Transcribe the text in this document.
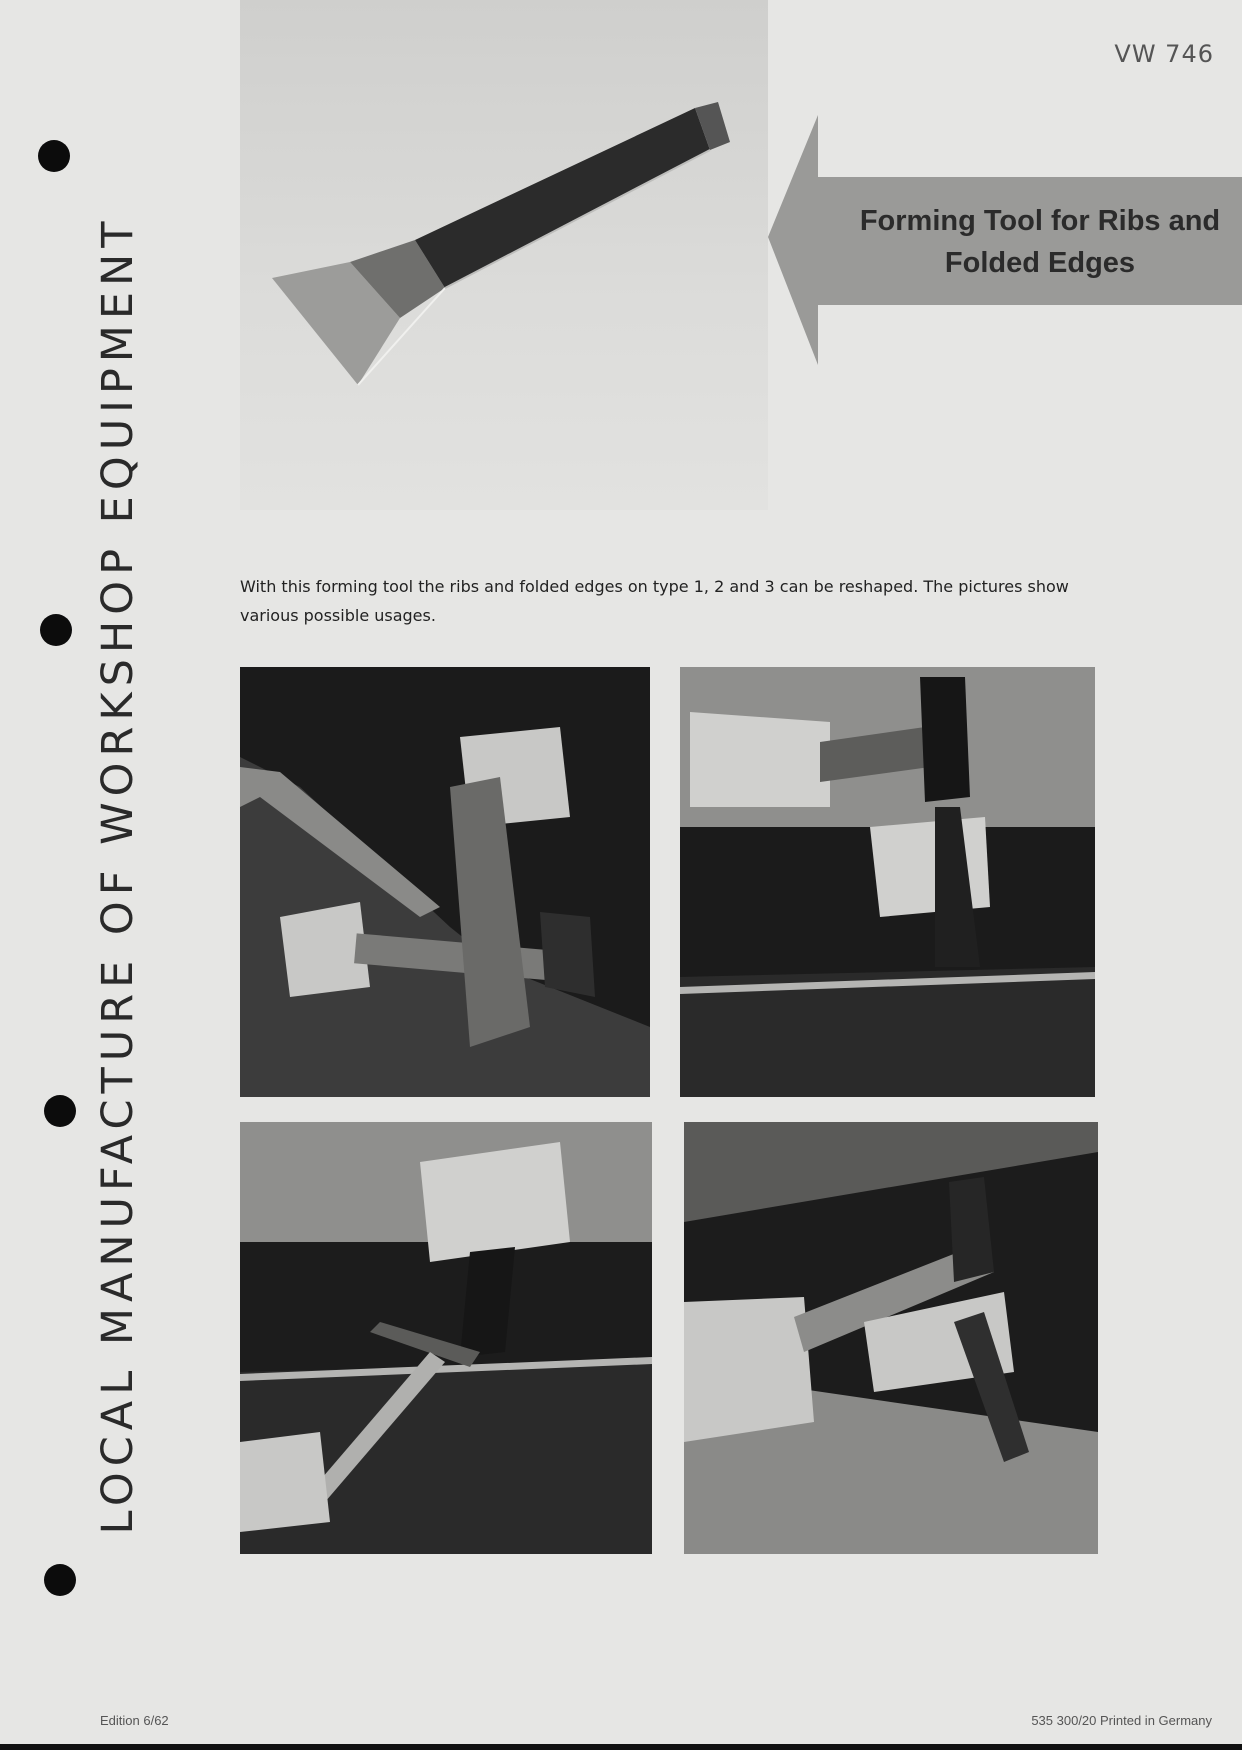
LOCAL MANUFACTURE OF WORKSHOP EQUIPMENT
VW 746
Forming Tool for Ribs and
Folded Edges
With this forming tool the ribs and folded edges on type 1, 2 and 3 can be reshaped. The pictures show various possible usages.
Edition 6/62	535 300/20 Printed in Germany
